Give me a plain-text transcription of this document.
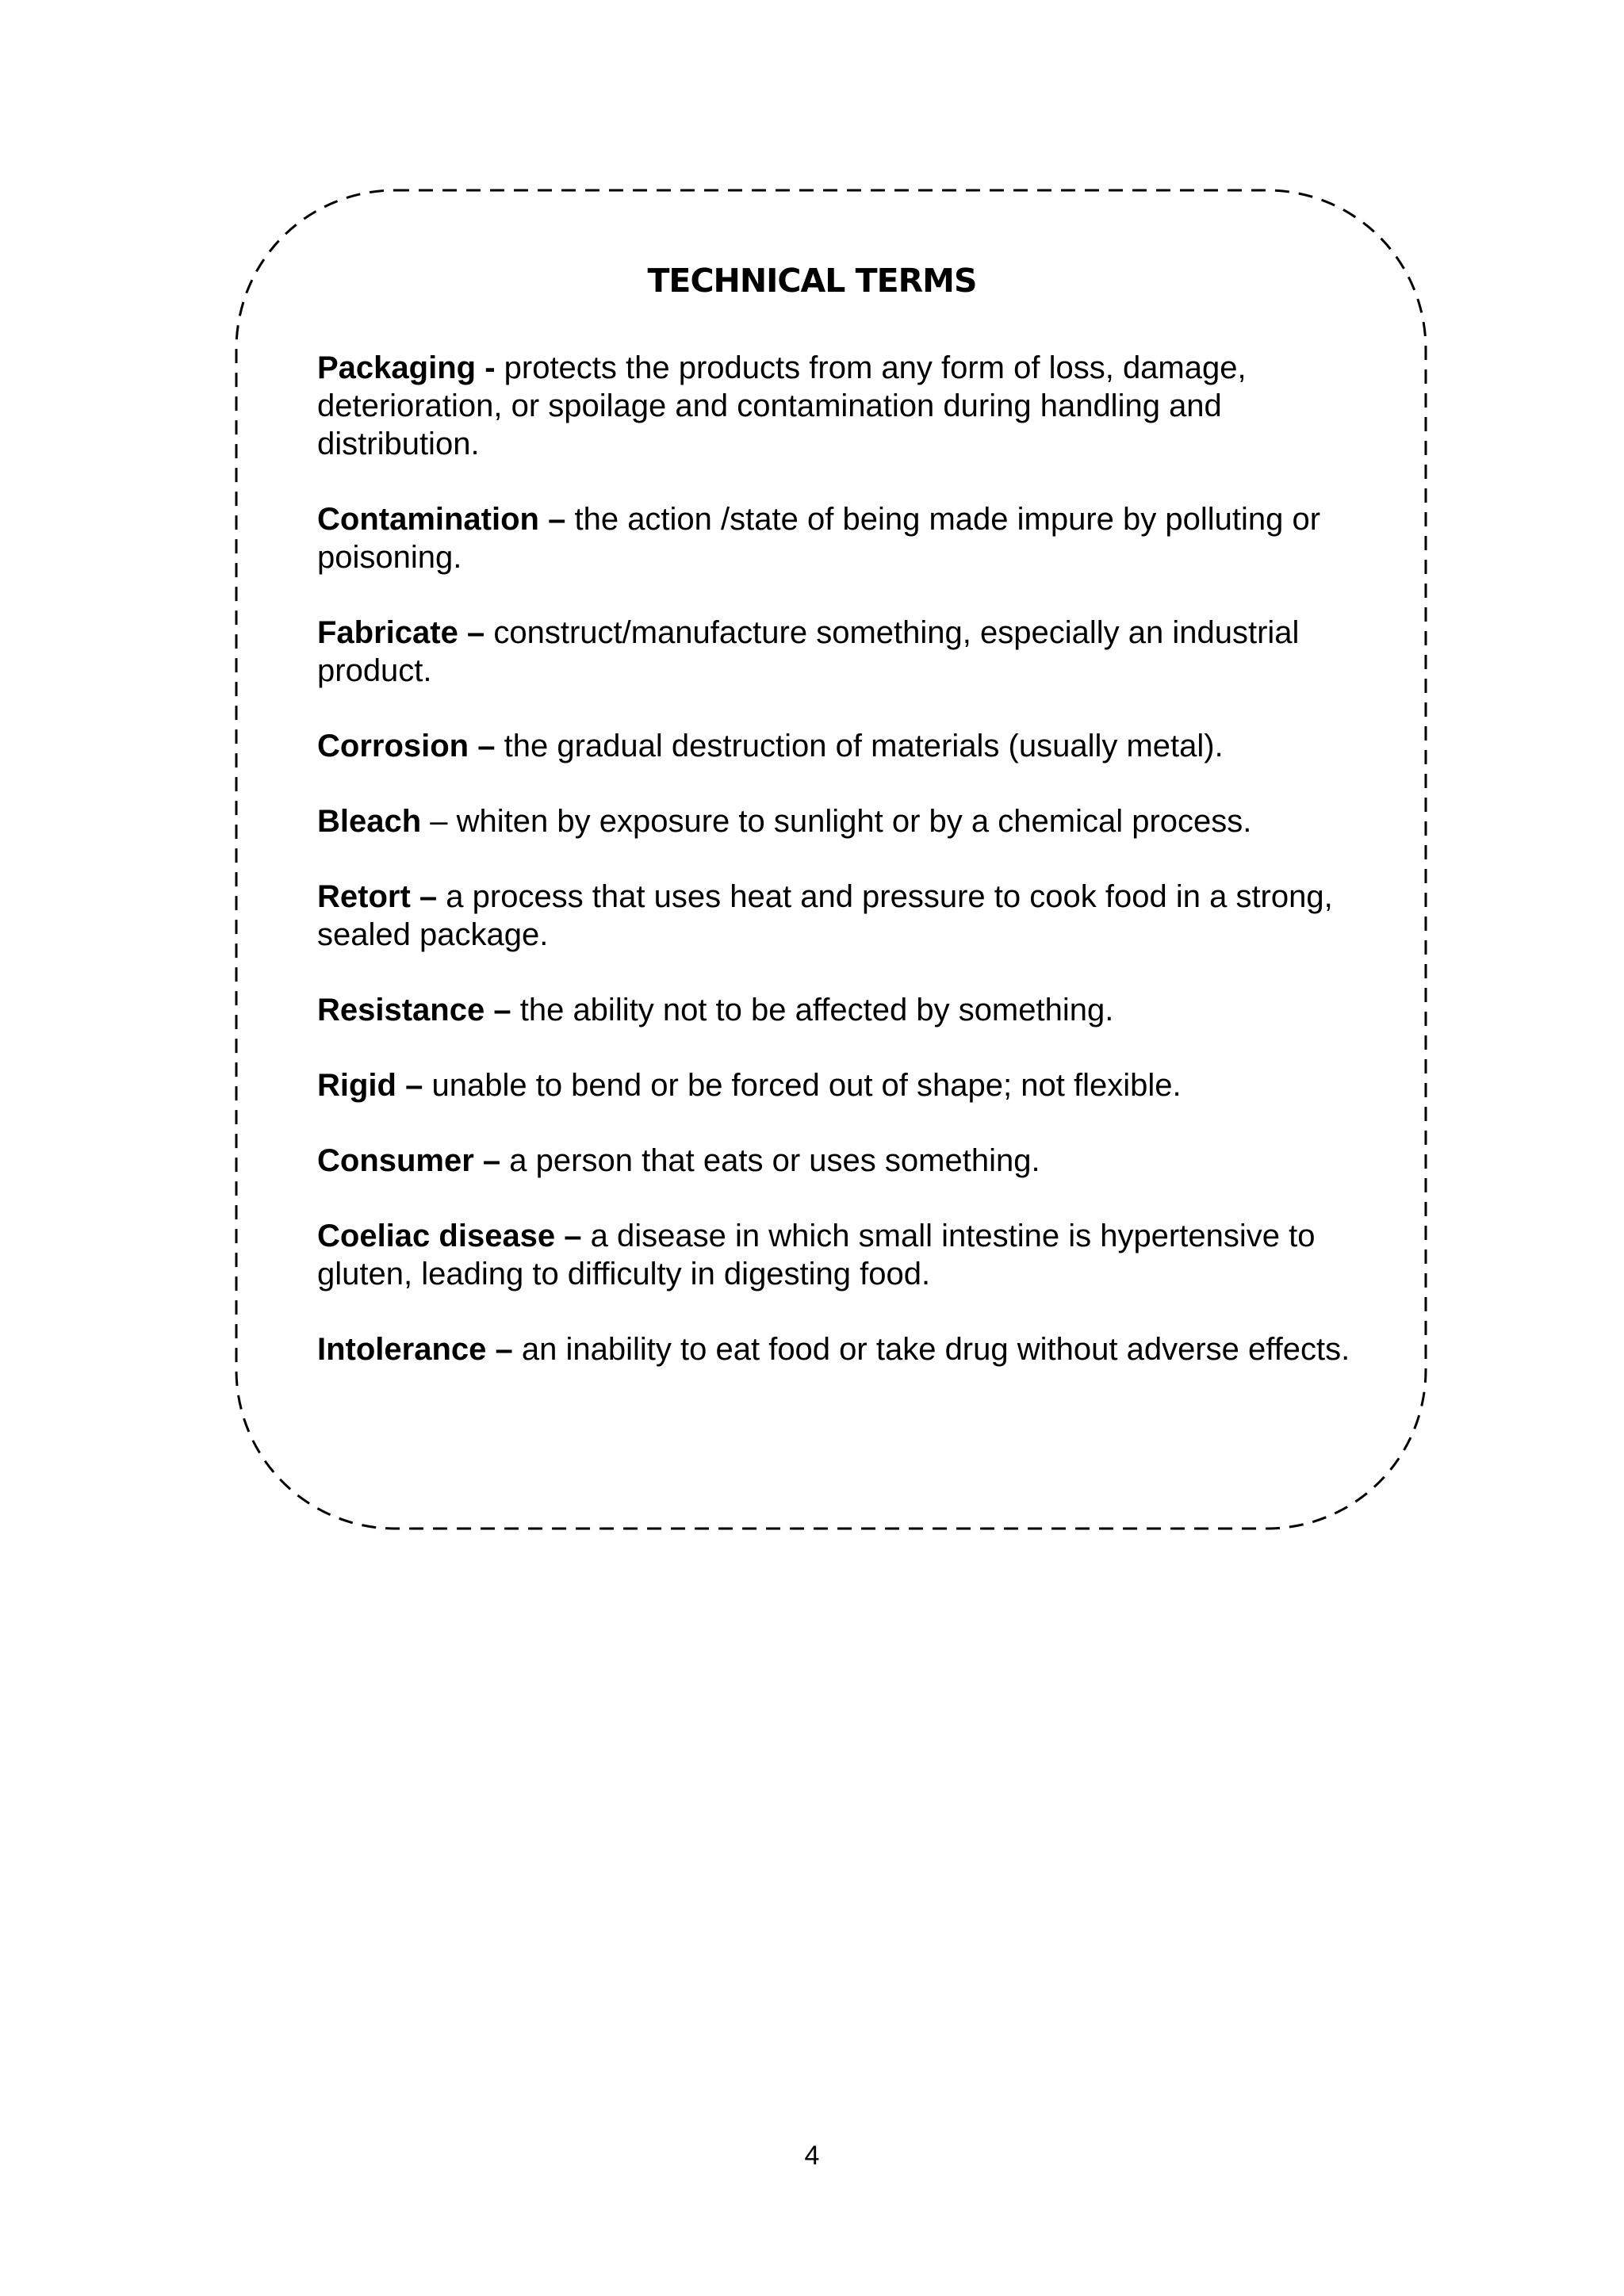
TECHNICAL TERMS

Packaging - protects the products from any form of loss, damage, deterioration, or spoilage and contamination during handling and distribution.

Contamination – the action /state of being made impure by polluting or poisoning.

Fabricate – construct/manufacture something, especially an industrial product.

Corrosion – the gradual destruction of materials (usually metal).

Bleach – whiten by exposure to sunlight or by a chemical process.

Retort – a process that uses heat and pressure to cook food in a strong, sealed package.

Resistance – the ability not to be affected by something.

Rigid – unable to bend or be forced out of shape; not flexible.

Consumer – a person that eats or uses something.

Coeliac disease – a disease in which small intestine is hypertensive to gluten, leading to difficulty in digesting food.

Intolerance – an inability to eat food or take drug without adverse effects.

4
